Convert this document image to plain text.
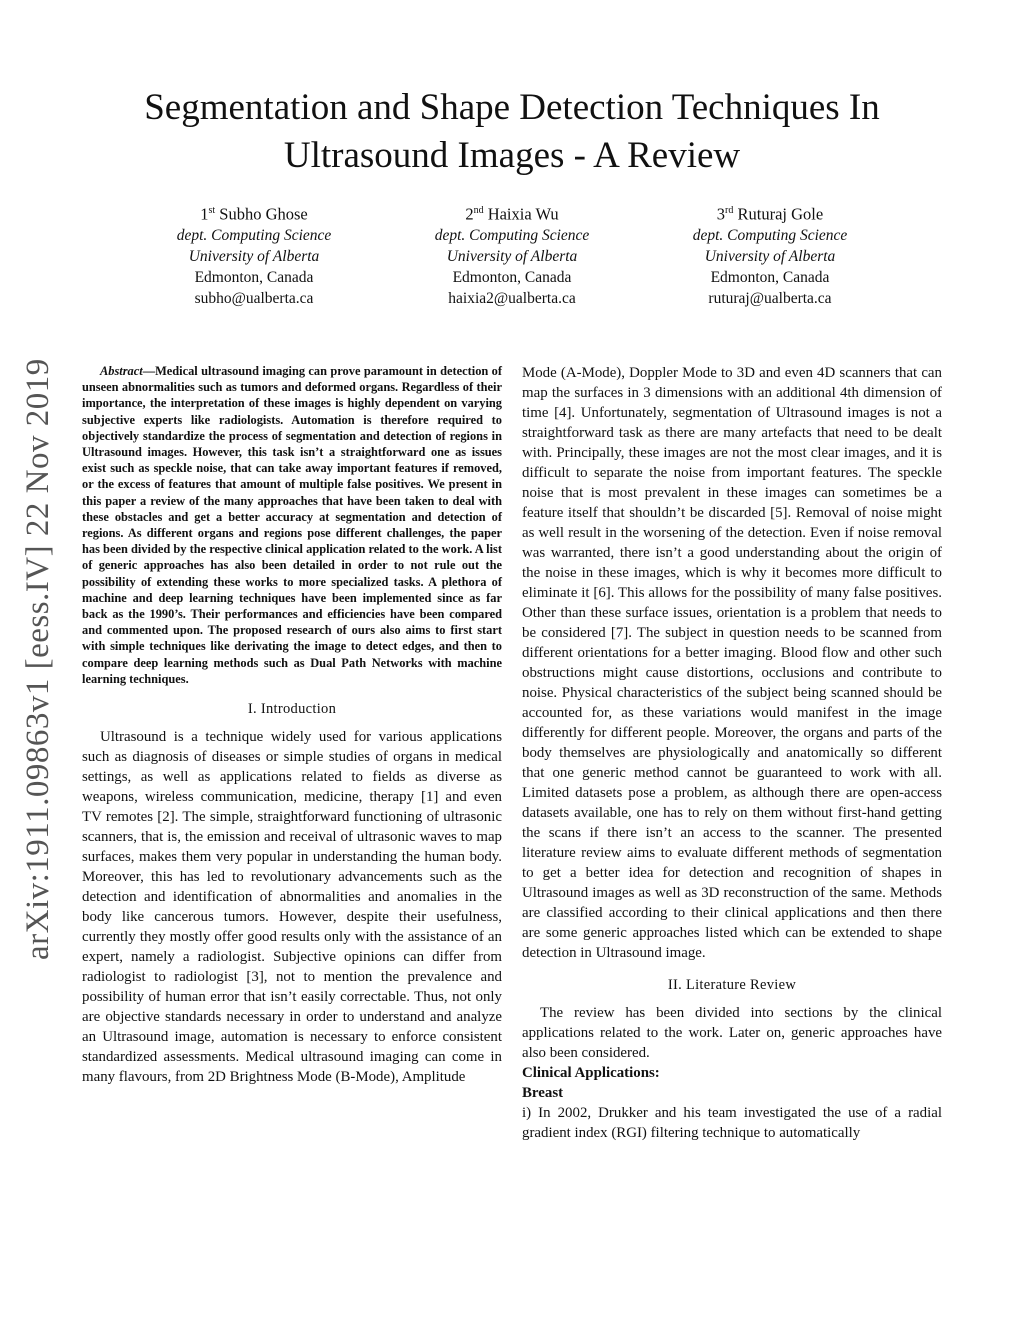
Segmentation and Shape Detection Techniques In Ultrasound Images - A Review
1st Subho Ghose
dept. Computing Science
University of Alberta
Edmonton, Canada
subho@ualberta.ca
2nd Haixia Wu
dept. Computing Science
University of Alberta
Edmonton, Canada
haixia2@ualberta.ca
3rd Ruturaj Gole
dept. Computing Science
University of Alberta
Edmonton, Canada
ruturaj@ualberta.ca
arXiv:1911.09863v1 [eess.IV] 22 Nov 2019	Abstract—Medical ultrasound imaging can prove paramount in detection of unseen abnormalities such as tumors and deformed organs. Regardless of their importance, the interpretation of these images is highly dependent on varying subjective experts like radiologists. Automation is therefore required to objectively standardize the process of segmentation and detection of regions in Ultrasound images. However, this task isn’t a straightforward one as issues exist such as speckle noise, that can take away important features if removed, or the excess of features that amount of multiple false positives. We present in this paper a review of the many approaches that have been taken to deal with these obstacles and get a better accuracy at segmentation and detection of regions. As different organs and regions pose different challenges, the paper has been divided by the respective clinical application related to the work. A list of generic approaches has also been detailed in order to not rule out the possibility of extending these works to more specialized tasks. A plethora of machine and deep learning techniques have been implemented since as far back as the 1990’s. Their performances and efficiencies have been compared and commented upon. The proposed research of ours also aims to first start with simple techniques like derivating the image to detect edges, and then to compare deep learning methods such as Dual Path Networks with machine learning techniques.

I. Introduction

Ultrasound is a technique widely used for various applications such as diagnosis of diseases or simple studies of organs in medical settings, as well as applications related to fields as diverse as weapons, wireless communication, medicine, therapy [1] and even TV remotes [2]. The simple, straightforward functioning of ultrasonic scanners, that is, the emission and receival of ultrasonic waves to map surfaces, makes them very popular in understanding the human body. Moreover, this has led to revolutionary advancements such as the detection and identification of abnormalities and anomalies in the body like cancerous tumors. However, despite their usefulness, currently they mostly offer good results only with the assistance of an expert, namely a radiologist. Subjective opinions can differ from radiologist to radiologist [3], not to mention the prevalence and possibility of human error that isn’t easily correctable. Thus, not only are objective standards necessary in order to understand and analyze an Ultrasound image, automation is necessary to enforce consistent standardized assessments. Medical ultrasound imaging can come in many flavours, from 2D Brightness Mode (B-Mode), Amplitude

Mode (A-Mode), Doppler Mode to 3D and even 4D scanners that can map the surfaces in 3 dimensions with an additional 4th dimension of time [4]. Unfortunately, segmentation of Ultrasound images is not a straightforward task as there are many artefacts that need to be dealt with. Principally, these images are not the most clear images, and it is difficult to separate the noise from important features. The speckle noise that is most prevalent in these images can sometimes be a feature itself that shouldn’t be discarded [5]. Removal of noise might as well result in the worsening of the detection. Even if noise removal was warranted, there isn’t a good understanding about the origin of the noise in these images, which is why it becomes more difficult to eliminate it [6]. This allows for the possibility of many false positives. Other than these surface issues, orientation is a problem that needs to be considered [7]. The subject in question needs to be scanned from different orientations for a better imaging. Blood flow and other such obstructions might cause distortions, occlusions and contribute to noise. Physical characteristics of the subject being scanned should be accounted for, as these variations would manifest in the image differently for different people. Moreover, the organs and parts of the body themselves are physiologically and anatomically so different that one generic method cannot be guaranteed to work with all. Limited datasets pose a problem, as although there are open-access datasets available, one has to rely on them without first-hand getting the scans if there isn’t an access to the scanner. The presented literature review aims to evaluate different methods of segmentation to get a better idea for detection and recognition of shapes in Ultrasound images as well as 3D reconstruction of the same. Methods are classified according to their clinical applications and then there are some generic approaches listed which can be extended to shape detection in Ultrasound image.

II. Literature Review

The review has been divided into sections by the clinical applications related to the work. Later on, generic approaches have also been considered.

Clinical Applications:

Breast

i) In 2002, Drukker and his team investigated the use of a radial gradient index (RGI) filtering technique to automatically
